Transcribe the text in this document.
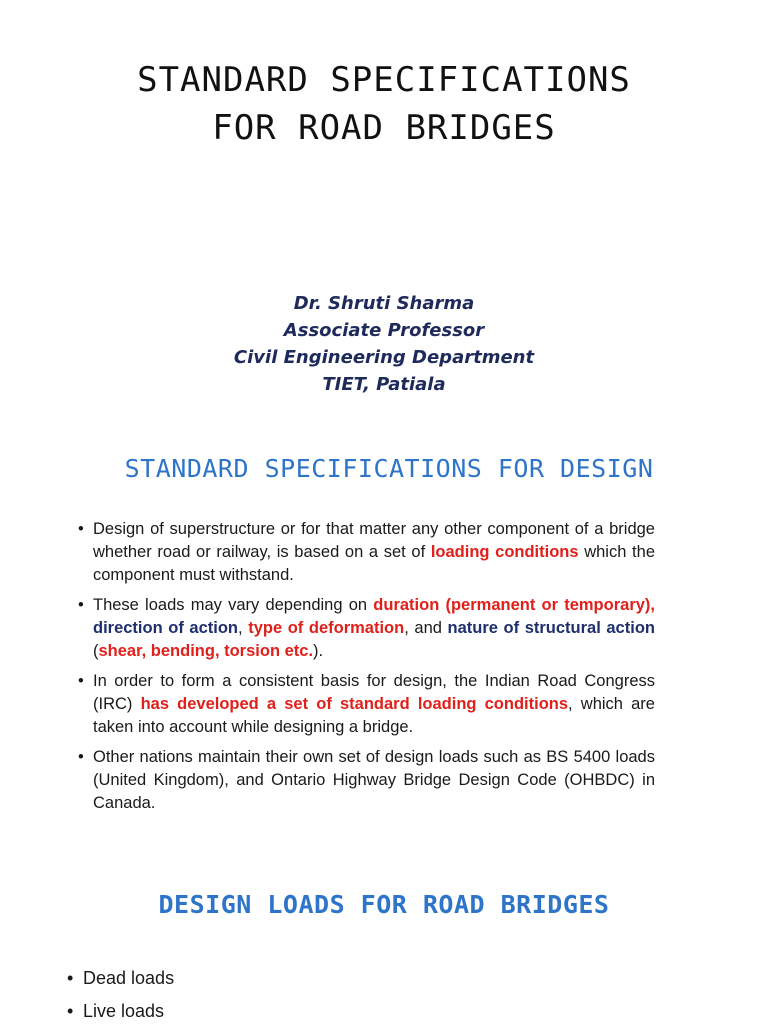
STANDARD SPECIFICATIONS
FOR ROAD BRIDGES
Dr. Shruti Sharma
Associate Professor
Civil Engineering Department
TIET, Patiala
STANDARD SPECIFICATIONS FOR DESIGN
• Design of superstructure or for that matter any other component of a bridge whether road or railway, is based on a set of loading conditions which the component must withstand.
• These loads may vary depending on duration (permanent or temporary), direction of action, type of deformation, and nature of structural action (shear, bending, torsion etc.).
• In order to form a consistent basis for design, the Indian Road Congress (IRC) has developed a set of standard loading conditions, which are taken into account while designing a bridge.
• Other nations maintain their own set of design loads such as BS 5400 loads (United Kingdom), and Ontario Highway Bridge Design Code (OHBDC) in Canada.
DESIGN LOADS FOR ROAD BRIDGES
• Dead loads
• Live loads
